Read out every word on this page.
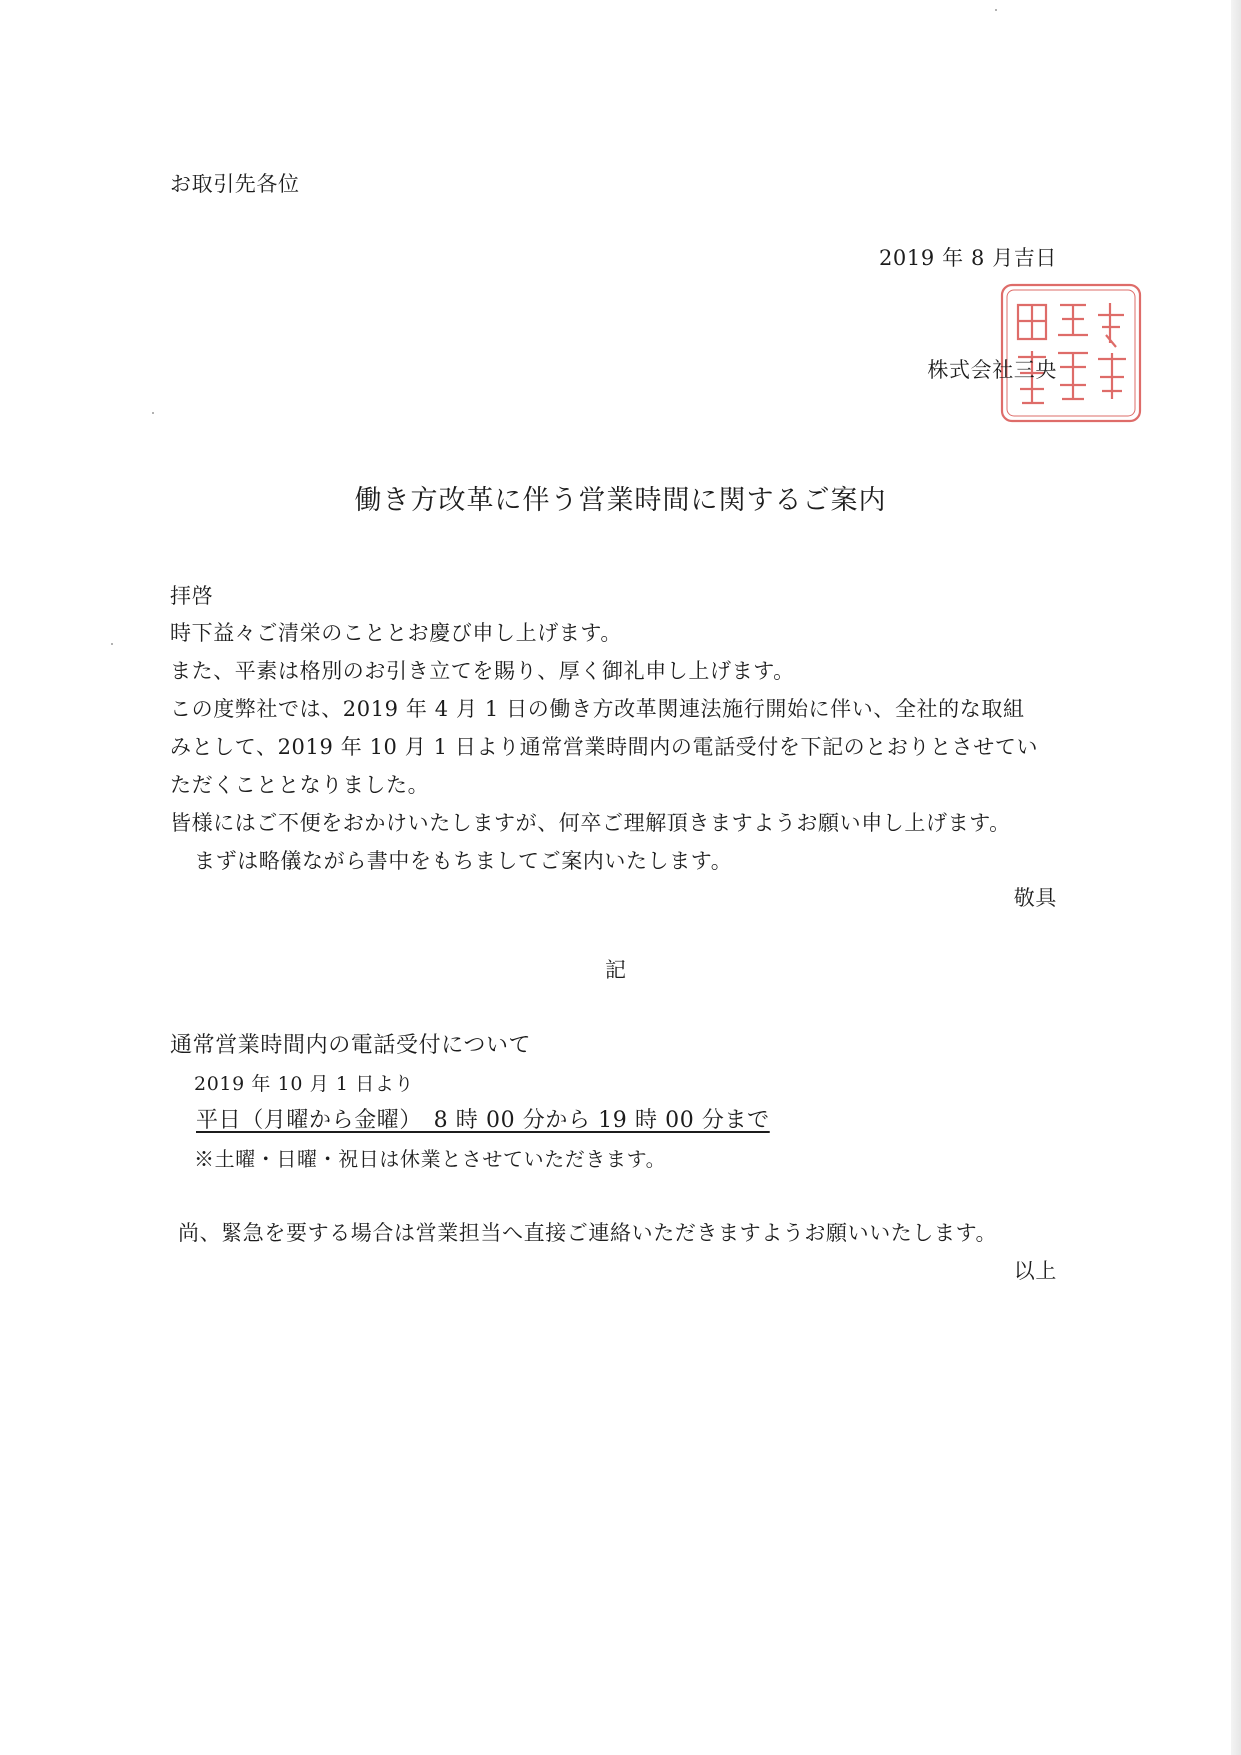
お取引先各位
2019 年 8 月吉日
株式会社三央
働き方改革に伴う営業時間に関するご案内
拝啓
時下益々ご清栄のこととお慶び申し上げます。
また、平素は格別のお引き立てを賜り、厚く御礼申し上げます。
この度弊社では、2019 年 4 月 1 日の働き方改革関連法施行開始に伴い、全社的な取組
みとして、2019 年 10 月 1 日より通常営業時間内の電話受付を下記のとおりとさせてい
ただくこととなりました。
皆様にはご不便をおかけいたしますが、何卒ご理解頂きますようお願い申し上げます。
まずは略儀ながら書中をもちましてご案内いたします。
敬具
記
通常営業時間内の電話受付について
2019 年 10 月 1 日より
平日（月曜から金曜）　8 時 00 分から 19 時 00 分まで
※土曜・日曜・祝日は休業とさせていただきます。
尚、緊急を要する場合は営業担当へ直接ご連絡いただきますようお願いいたします。
以上
